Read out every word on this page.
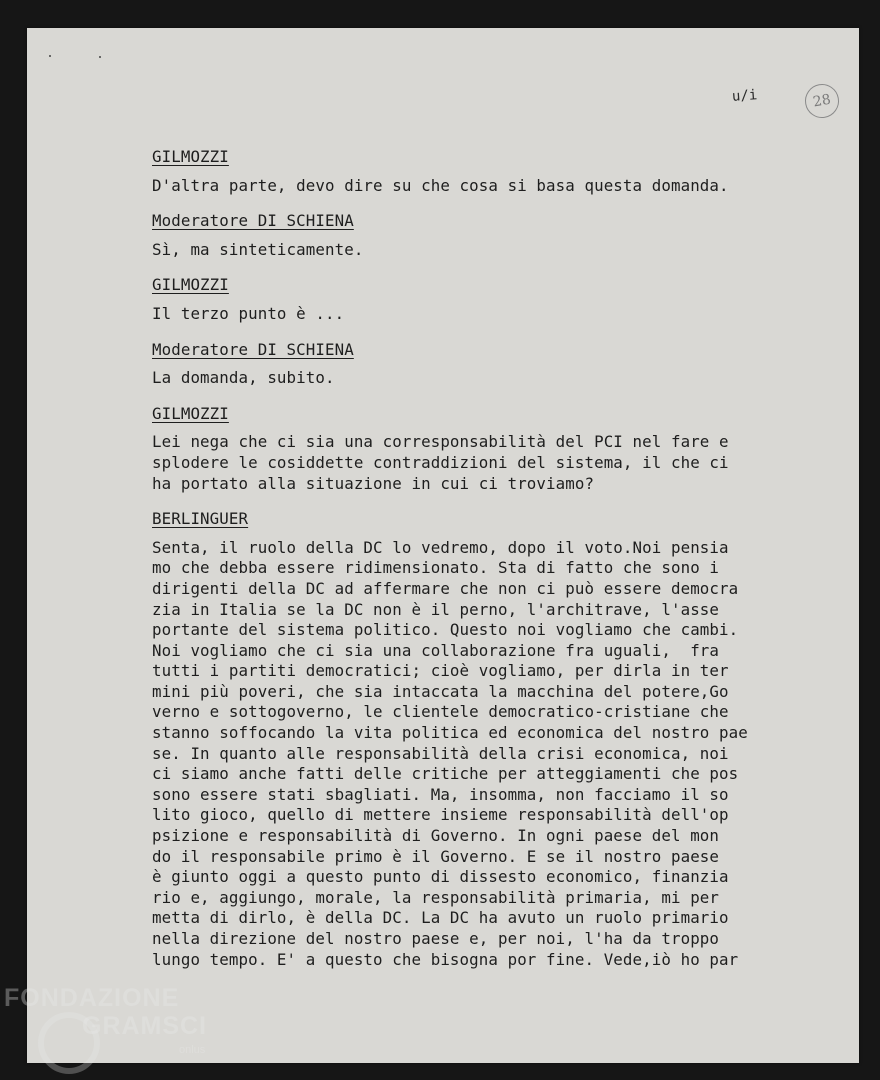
u/i	28
GILMOZZI
D'altra parte, devo dire su che cosa si basa questa domanda.
Moderatore DI SCHIENA
Sì, ma sinteticamente.
GILMOZZI
Il terzo punto è ...
Moderatore DI SCHIENA
La domanda, subito.
GILMOZZI
Lei nega che ci sia una corresponsabilità del PCI nel fare e
splodere le cosiddette contraddizioni del sistema, il che ci
ha portato alla situazione in cui ci troviamo?
BERLINGUER
Senta, il ruolo della DC lo vedremo, dopo il voto.Noi pensia
mo che debba essere ridimensionato. Sta di fatto che sono i
dirigenti della DC ad affermare che non ci può essere democra
zia in Italia se la DC non è il perno, l'architrave, l'asse
portante del sistema politico. Questo noi vogliamo che cambi.
Noi vogliamo che ci sia una collaborazione fra uguali,  fra
tutti i partiti democratici; cioè vogliamo, per dirla in ter
mini più poveri, che sia intaccata la macchina del potere,Go
verno e sottogoverno, le clientele democratico-cristiane che
stanno soffocando la vita politica ed economica del nostro pae
se. In quanto alle responsabilità della crisi economica, noi
ci siamo anche fatti delle critiche per atteggiamenti che pos
sono essere stati sbagliati. Ma, insomma, non facciamo il so
lito gioco, quello di mettere insieme responsabilità dell'op
psizione e responsabilità di Governo. In ogni paese del mon
do il responsabile primo è il Governo. E se il nostro paese
è giunto oggi a questo punto di dissesto economico, finanzia
rio e, aggiungo, morale, la responsabilità primaria, mi per
metta di dirlo, è della DC. La DC ha avuto un ruolo primario
nella direzione del nostro paese e, per noi, l'ha da troppo
lungo tempo. E' a questo che bisogna por fine. Vede,iò ho par
FONDAZIONE
GRAMSCI
onlus
